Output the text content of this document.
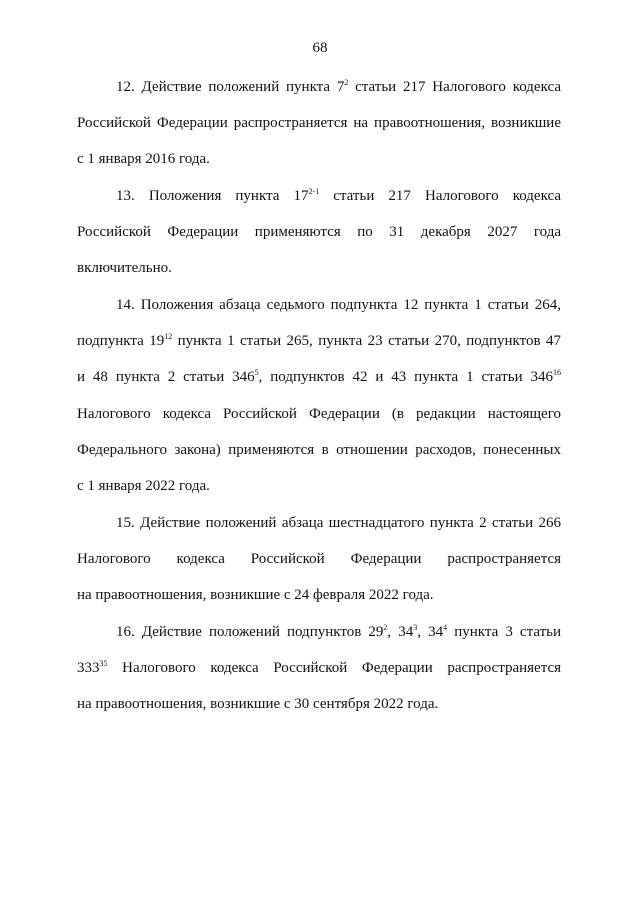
68
12. Действие положений пункта $7^2$ статьи 217 Налогового кодекса
Российской Федерации распространяется на правоотношения, возникшие
с 1 января 2016 года.
13. Положения пункта 17$^{2-1}$ статьи 217 Налогового кодекса
Российской Федерации применяются по 31 декабря 2027 года
включительно.
14. Положения абзаца седьмого подпункта 12 пункта 1 статьи 264,
подпункта $19^{12}$ пункта 1 статьи 265, пункта 23 статьи 270, подпунктов 47
и 48 пункта 2 статьи $346^5$, подпунктов 42 и 43 пункта 1 статьи $346^{16}$
Налогового кодекса Российской Федерации (в редакции настоящего
Федерального закона) применяются в отношении расходов, понесенных
с 1 января 2022 года.
15. Действие положений абзаца шестнадцатого пункта 2 статьи 266
Налогового кодекса Российской Федерации распространяется
на правоотношения, возникшие с 24 февраля 2022 года.
16. Действие положений подпунктов $29^2$, $34^3$, $34^4$ пункта 3 статьи
$333^{35}$ Налогового кодекса Российской Федерации распространяется
на правоотношения, возникшие с 30 сентября 2022 года.
